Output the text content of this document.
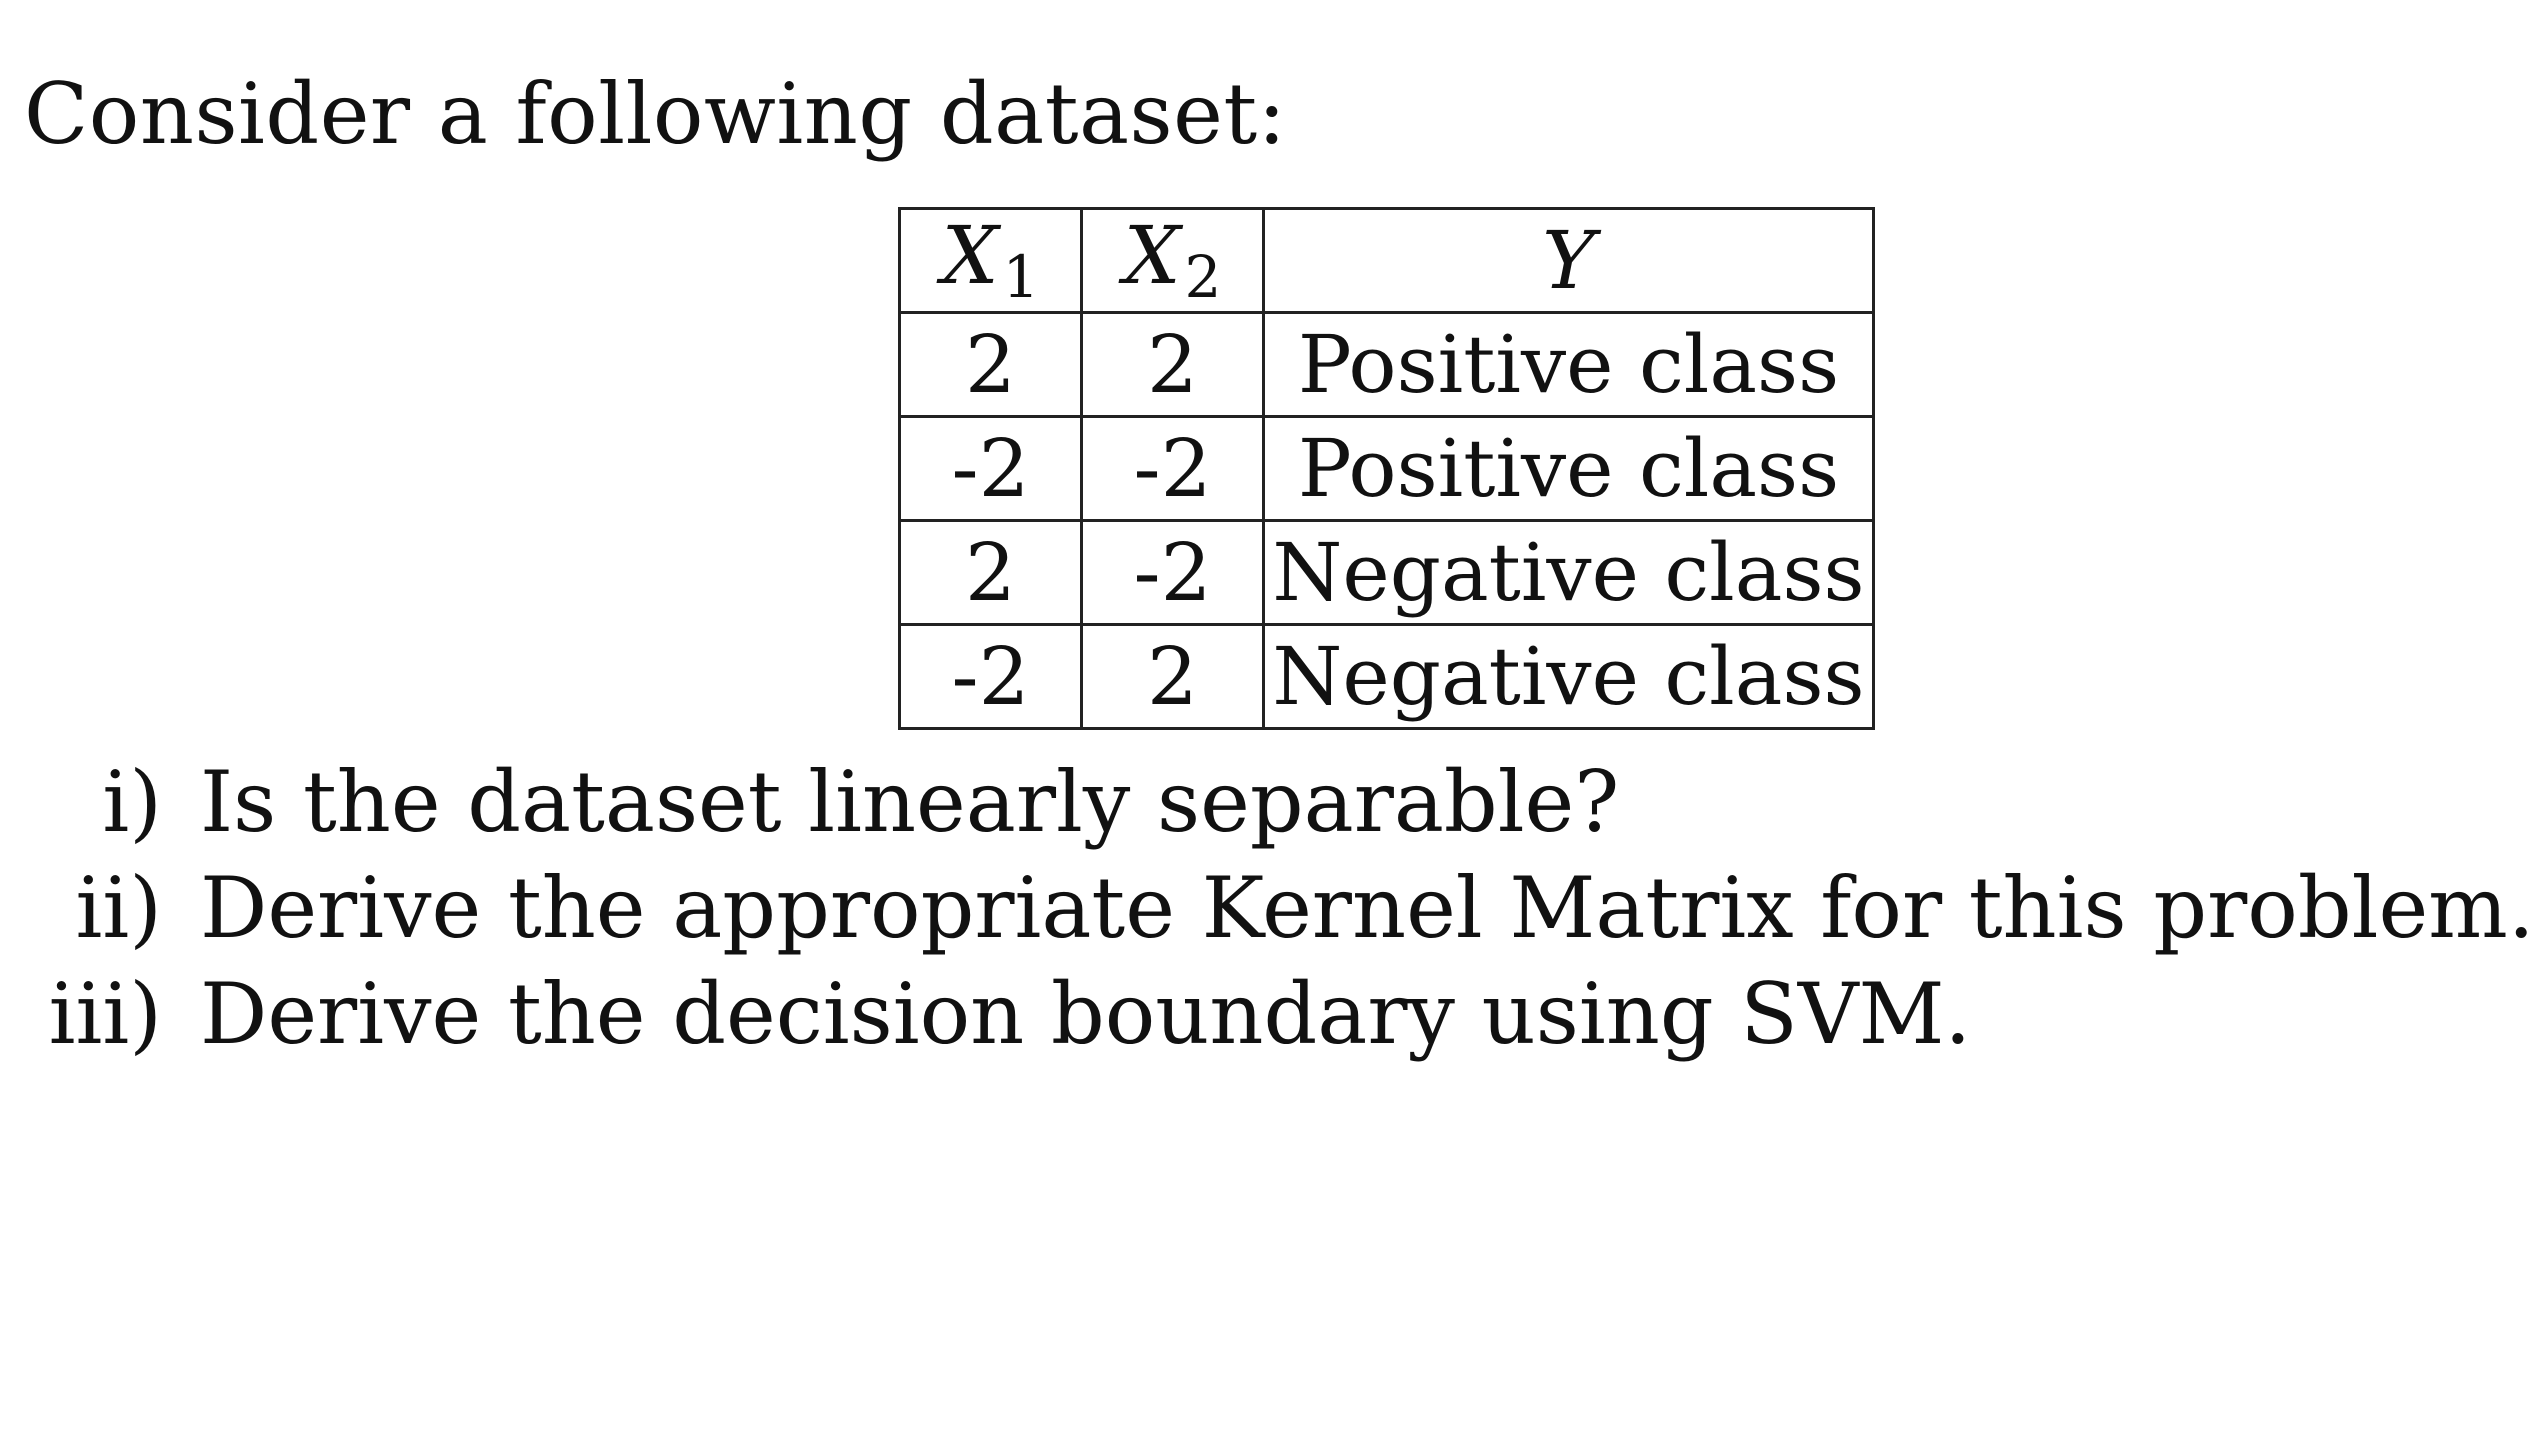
Consider a following dataset:
$X_1$	$X_2$	Y
2	2	Positive class
-2	-2	Positive class
2	-2	Negative class
-2	2	Negative class
i) Is the dataset linearly separable?
ii) Derive the appropriate Kernel Matrix for this problem.
iii) Derive the decision boundary using SVM.
